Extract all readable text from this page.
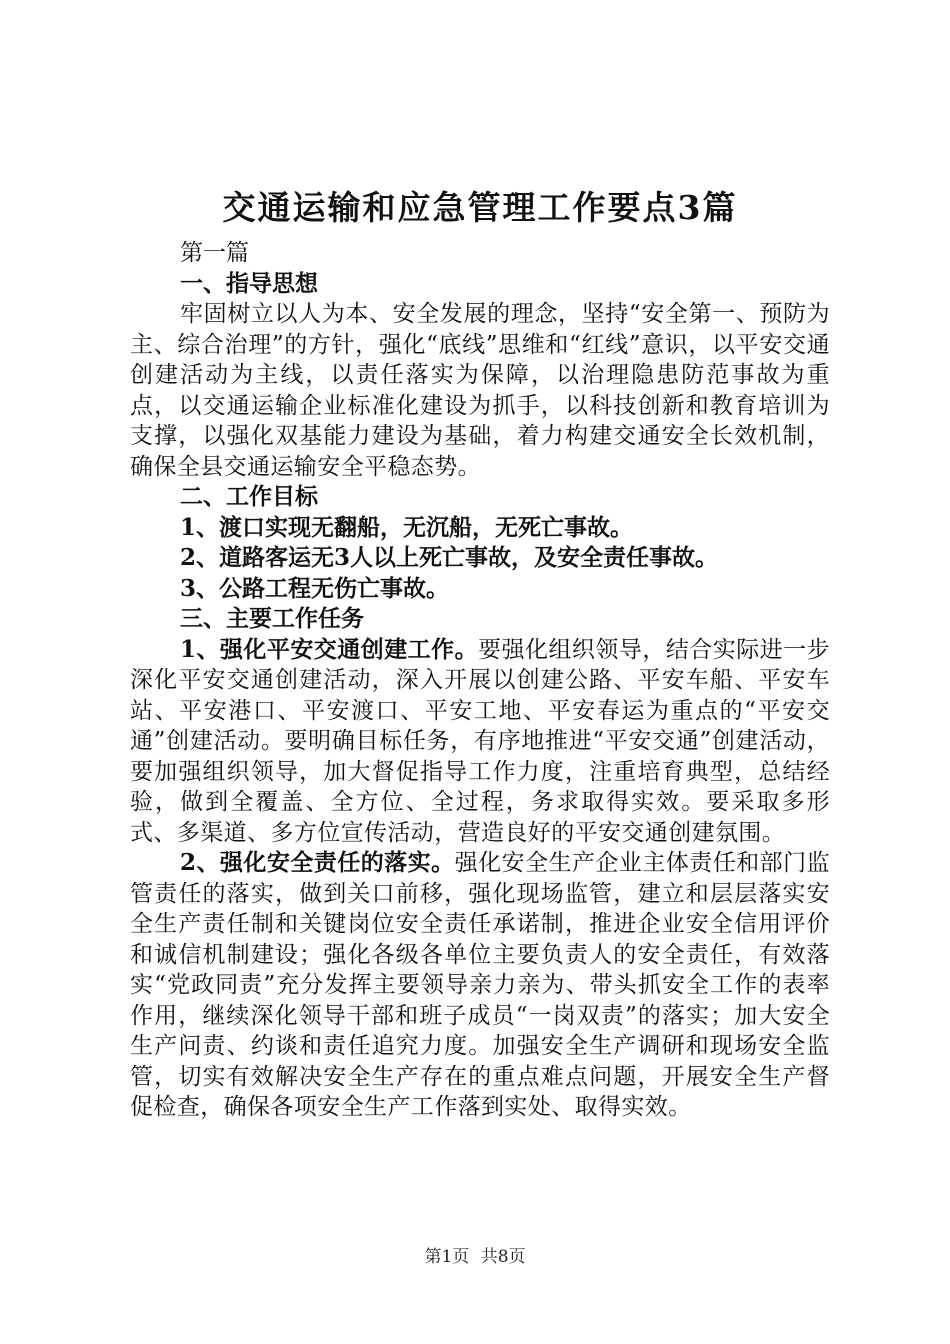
交通运输和应急管理工作要点3篇

第一篇

一、指导思想

牢固树立以人为本、安全发展的理念，坚持“安全第一、预防为主、综合治理”的方针，强化“底线”思维和“红线”意识，以平安交通创建活动为主线，以责任落实为保障，以治理隐患防范事故为重点，以交通运输企业标准化建设为抓手，以科技创新和教育培训为支撑，以强化双基能力建设为基础，着力构建交通安全长效机制，确保全县交通运输安全平稳态势。

二、工作目标

1、渡口实现无翻船，无沉船，无死亡事故。

2、道路客运无3人以上死亡事故，及安全责任事故。

3、公路工程无伤亡事故。

三、主要工作任务

1、强化平安交通创建工作。要强化组织领导，结合实际进一步深化平安交通创建活动，深入开展以创建公路、平安车船、平安车站、平安港口、平安渡口、平安工地、平安春运为重点的“平安交通”创建活动。要明确目标任务，有序地推进“平安交通”创建活动，要加强组织领导，加大督促指导工作力度，注重培育典型，总结经验，做到全覆盖、全方位、全过程，务求取得实效。要采取多形式、多渠道、多方位宣传活动，营造良好的平安交通创建氛围。

2、强化安全责任的落实。强化安全生产企业主体责任和部门监管责任的落实，做到关口前移，强化现场监管，建立和层层落实安全生产责任制和关键岗位安全责任承诺制，推进企业安全信用评价和诚信机制建设；强化各级各单位主要负责人的安全责任，有效落实“党政同责”充分发挥主要领导亲力亲为、带头抓安全工作的表率作用，继续深化领导干部和班子成员“一岗双责”的落实；加大安全生产问责、约谈和责任追究力度。加强安全生产调研和现场安全监管，切实有效解决安全生产存在的重点难点问题，开展安全生产督促检查，确保各项安全生产工作落到实处、取得实效。

第1页 共8页
